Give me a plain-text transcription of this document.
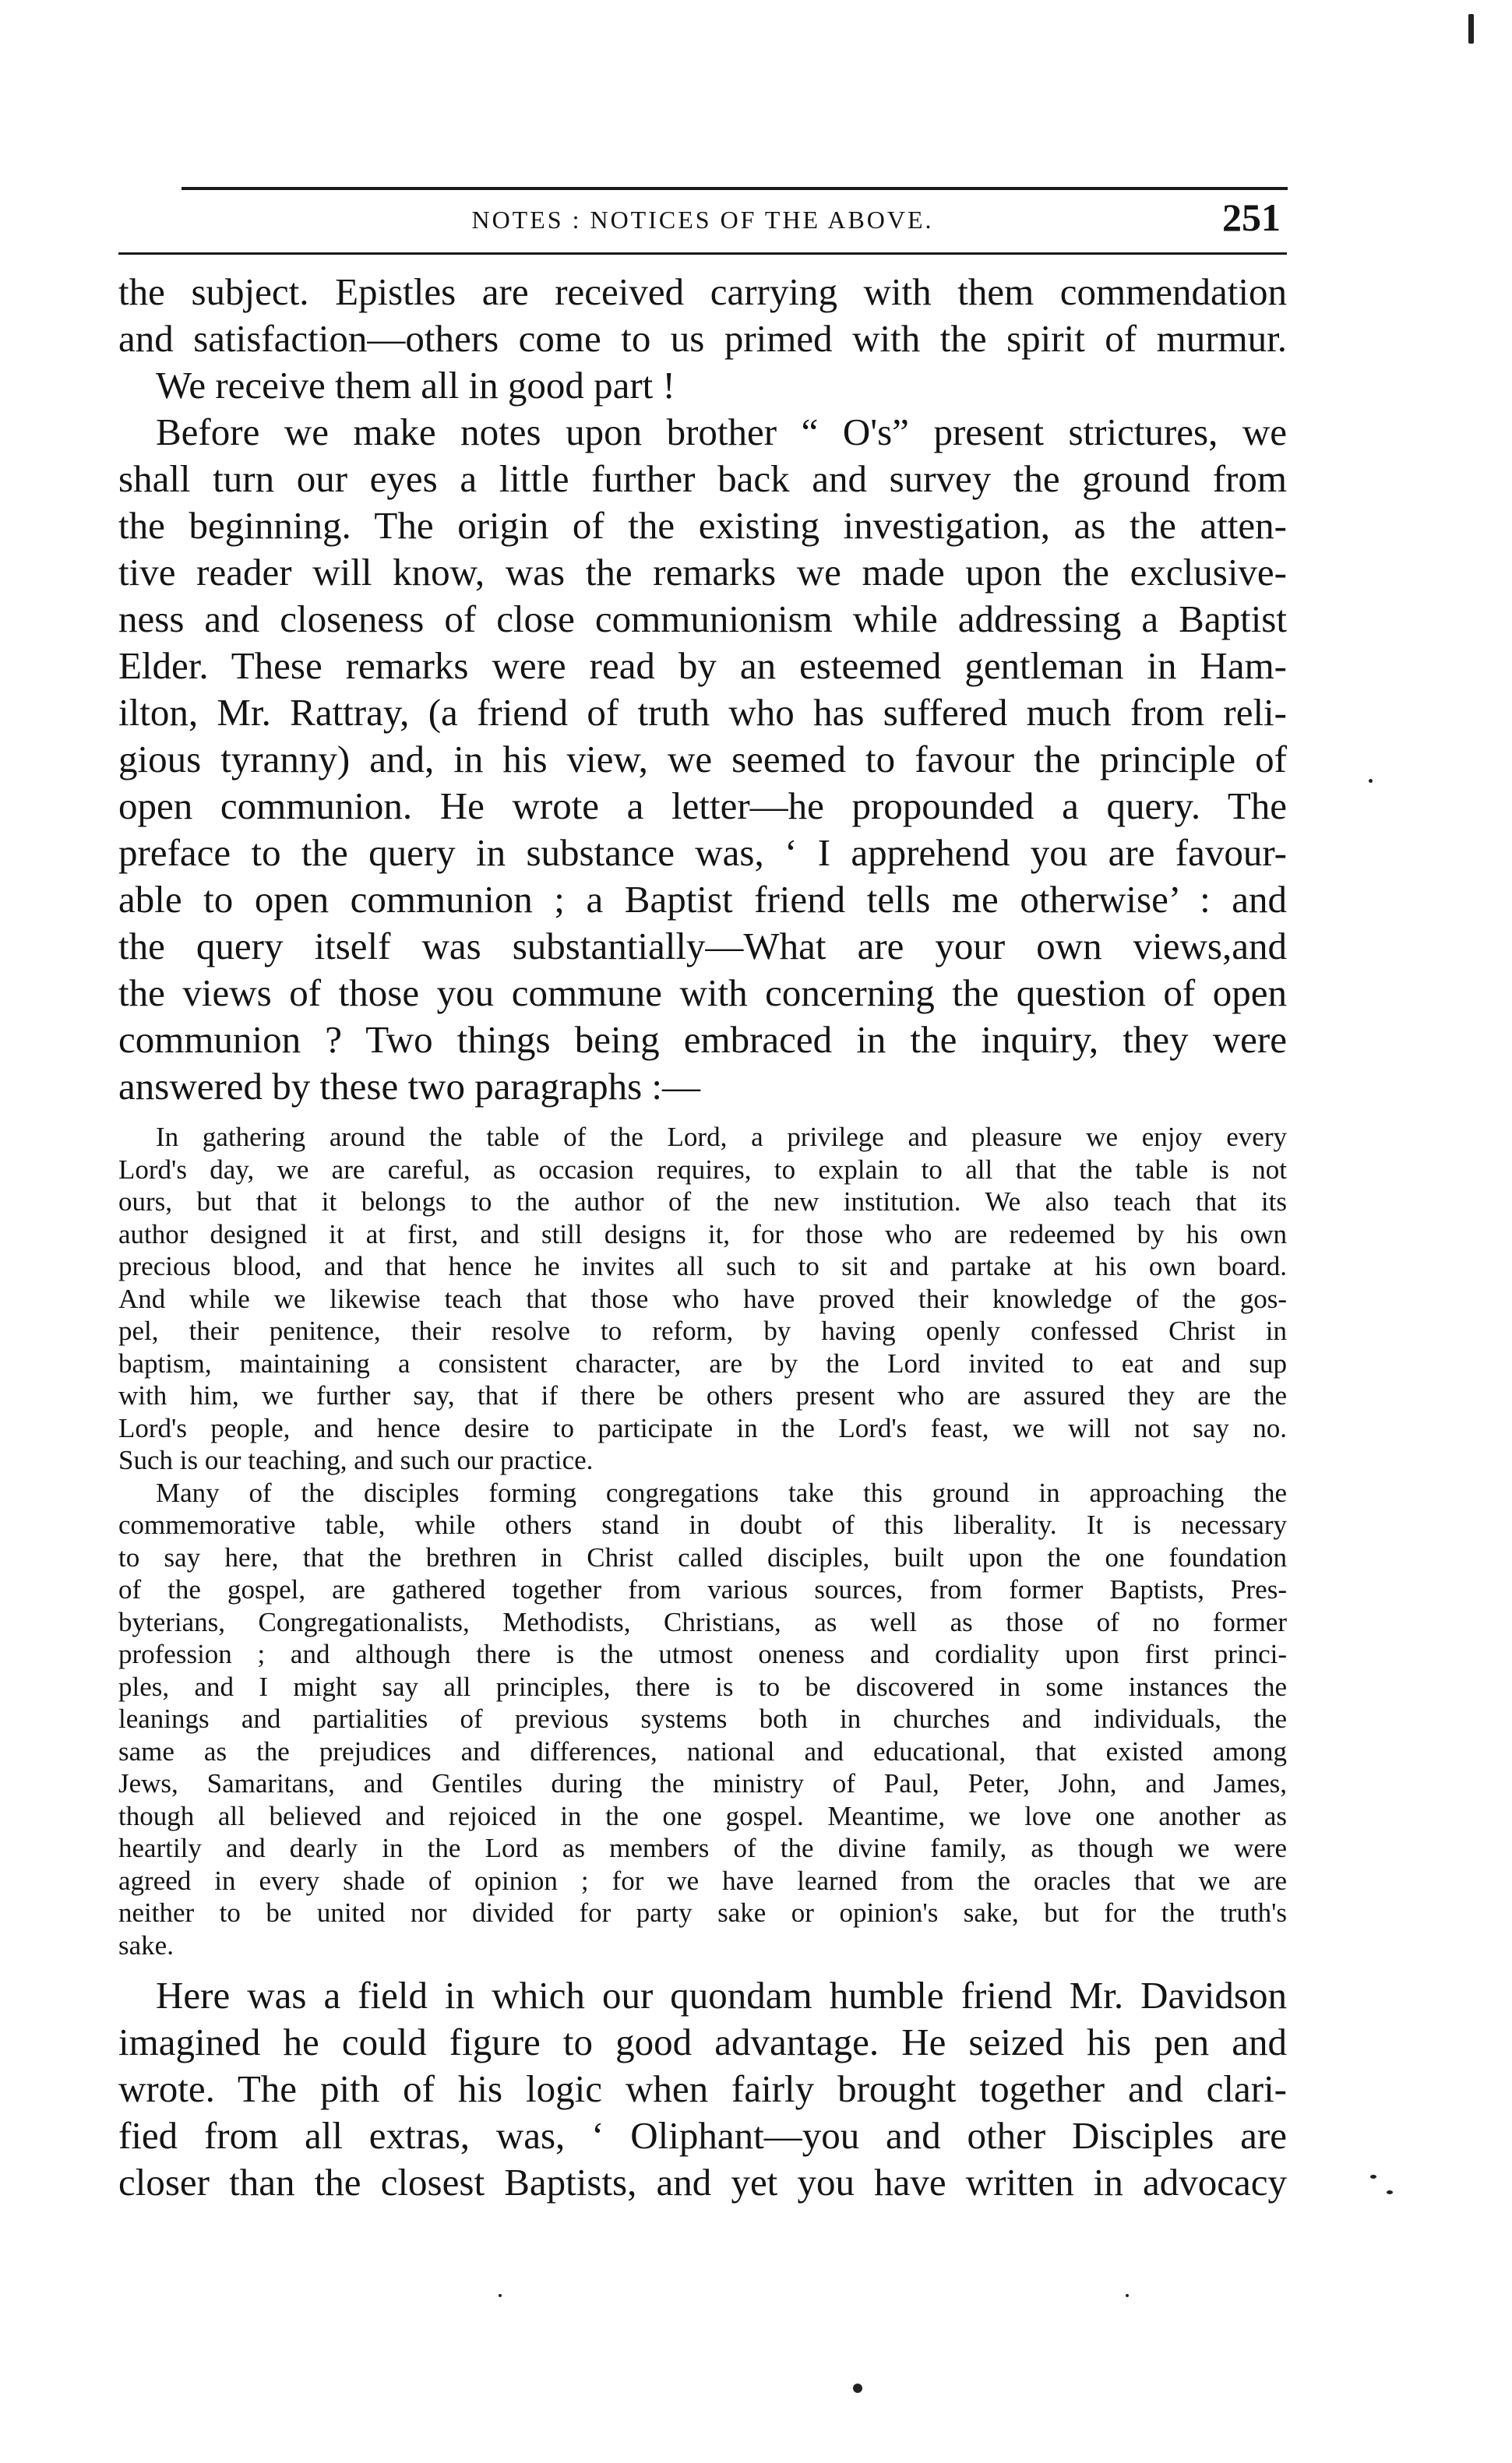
NOTES : NOTICES OF THE ABOVE.	251
the subject. Epistles are received carrying with them commendation
and satisfaction—others come to us primed with the spirit of murmur.
We receive them all in good part !
Before we make notes upon brother “ O's” present strictures, we
shall turn our eyes a little further back and survey the ground from
the beginning. The origin of the existing investigation, as the atten-
tive reader will know, was the remarks we made upon the exclusive-
ness and closeness of close communionism while addressing a Baptist
Elder. These remarks were read by an esteemed gentleman in Ham-
ilton, Mr. Rattray, (a friend of truth who has suffered much from reli-
gious tyranny) and, in his view, we seemed to favour the principle of
open communion. He wrote a letter—he propounded a query. The
preface to the query in substance was, ‘ I apprehend you are favour-
able to open communion ; a Baptist friend tells me otherwise’ : and
the query itself was substantially—What are your own views,and
the views of those you commune with concerning the question of open
communion ? Two things being embraced in the inquiry, they were
answered by these two paragraphs :—
In gathering around the table of the Lord, a privilege and pleasure we enjoy every
Lord's day, we are careful, as occasion requires, to explain to all that the table is not
ours, but that it belongs to the author of the new institution. We also teach that its
author designed it at first, and still designs it, for those who are redeemed by his own
precious blood, and that hence he invites all such to sit and partake at his own board.
And while we likewise teach that those who have proved their knowledge of the gos-
pel, their penitence, their resolve to reform, by having openly confessed Christ in
baptism, maintaining a consistent character, are by the Lord invited to eat and sup
with him, we further say, that if there be others present who are assured they are the
Lord's people, and hence desire to participate in the Lord's feast, we will not say no.
Such is our teaching, and such our practice.
Many of the disciples forming congregations take this ground in approaching the
commemorative table, while others stand in doubt of this liberality. It is necessary
to say here, that the brethren in Christ called disciples, built upon the one foundation
of the gospel, are gathered together from various sources, from former Baptists, Pres-
byterians, Congregationalists, Methodists, Christians, as well as those of no former
profession ; and although there is the utmost oneness and cordiality upon first princi-
ples, and I might say all principles, there is to be discovered in some instances the
leanings and partialities of previous systems both in churches and individuals, the
same as the prejudices and differences, national and educational, that existed among
Jews, Samaritans, and Gentiles during the ministry of Paul, Peter, John, and James,
though all believed and rejoiced in the one gospel. Meantime, we love one another as
heartily and dearly in the Lord as members of the divine family, as though we were
agreed in every shade of opinion ; for we have learned from the oracles that we are
neither to be united nor divided for party sake or opinion's sake, but for the truth's
sake.
Here was a field in which our quondam humble friend Mr. Davidson
imagined he could figure to good advantage. He seized his pen and
wrote. The pith of his logic when fairly brought together and clari-
fied from all extras, was, ‘ Oliphant—you and other Disciples are
closer than the closest Baptists, and yet you have written in advocacy
